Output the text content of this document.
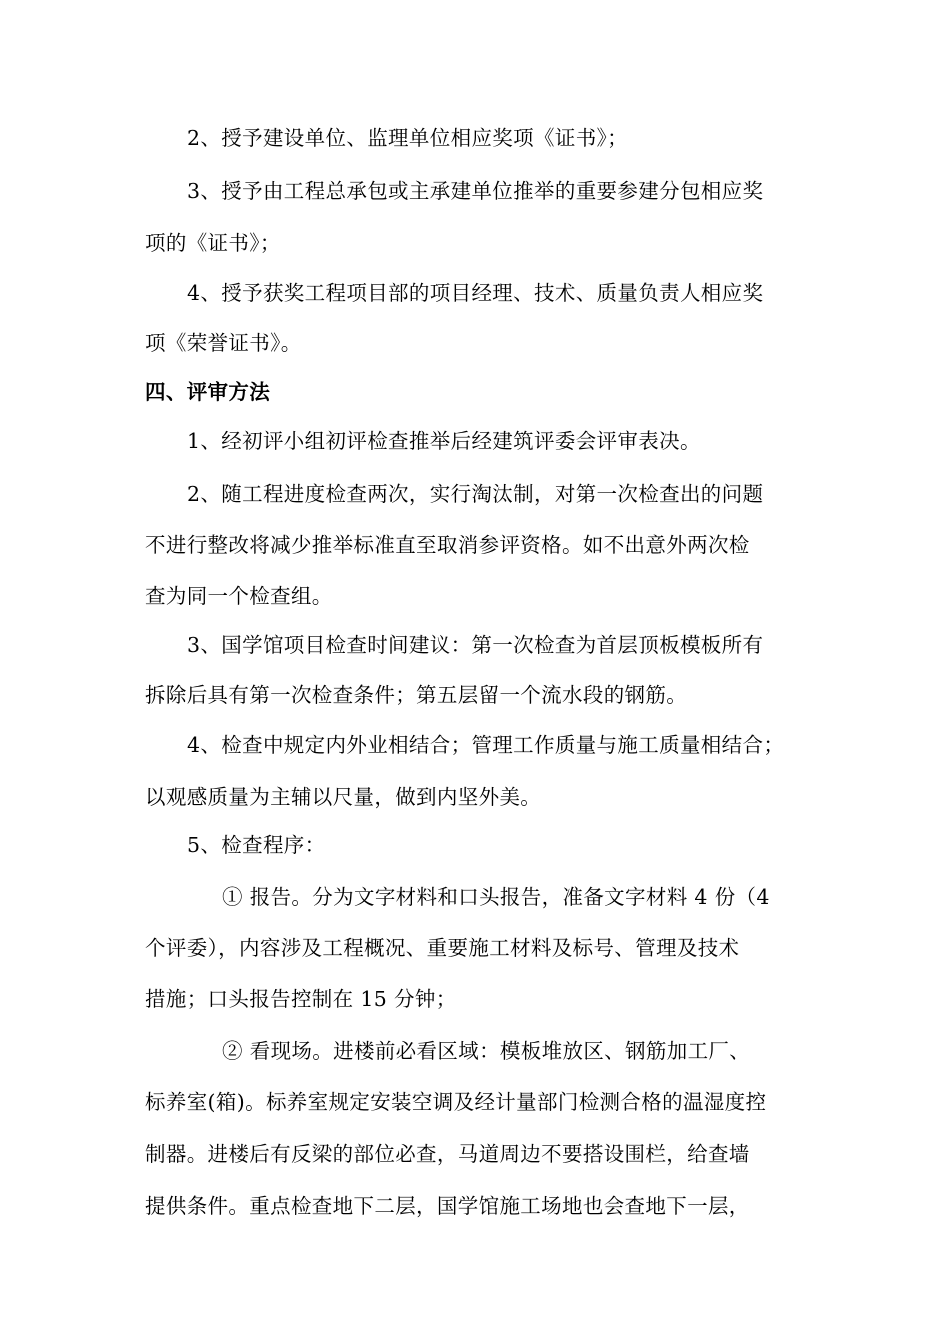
2、授予建设单位、监理单位相应奖项《证书》；
3、授予由工程总承包或主承建单位推举的重要参建分包相应奖
项的《证书》；
4、授予获奖工程项目部的项目经理、技术、质量负责人相应奖
项《荣誉证书》。
四、评审方法
1、经初评小组初评检查推举后经建筑评委会评审表决。
2、随工程进度检查两次，实行淘汰制，对第一次检查出的问题
不进行整改将减少推举标准直至取消参评资格。如不出意外两次检
查为同一个检查组。
3、国学馆项目检查时间建议：第一次检查为首层顶板模板所有
拆除后具有第一次检查条件；第五层留一个流水段的钢筋。
4、检查中规定内外业相结合；管理工作质量与施工质量相结合；
以观感质量为主辅以尺量，做到内坚外美。
5、检查程序：
① 报告。分为文字材料和口头报告，准备文字材料 4 份（4
个评委），内容涉及工程概况、重要施工材料及标号、管理及技术
措施；口头报告控制在 15 分钟；
② 看现场。进楼前必看区域：模板堆放区、钢筋加工厂、
标养室(箱)。标养室规定安装空调及经计量部门检测合格的温湿度控
制器。进楼后有反梁的部位必查，马道周边不要搭设围栏，给查墙
提供条件。重点检查地下二层，国学馆施工场地也会查地下一层，
